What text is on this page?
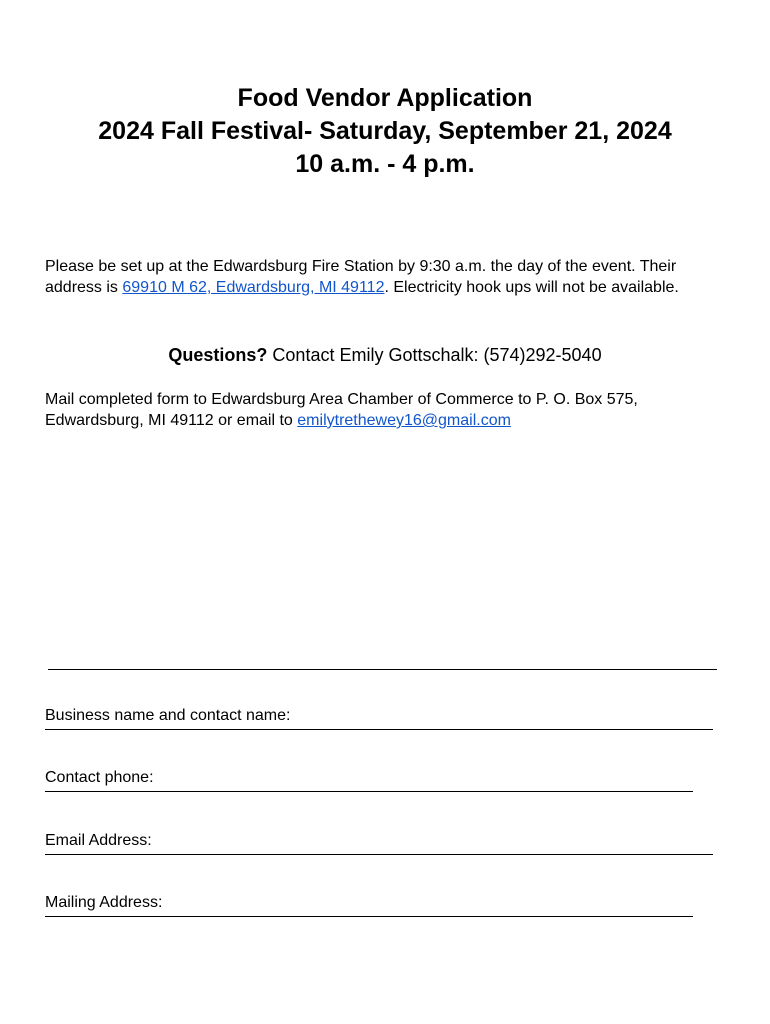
Food Vendor Application
2024 Fall Festival- Saturday, September 21, 2024
10 a.m. - 4 p.m.
Please be set up at the Edwardsburg Fire Station by 9:30 a.m. the day of the event. Their address is 69910 M 62, Edwardsburg, MI 49112. Electricity hook ups will not be available.
Questions? Contact Emily Gottschalk: (574)292-5040
Mail completed form to Edwardsburg Area Chamber of Commerce to P. O. Box 575, Edwardsburg, MI 49112 or email to emilytrethewey16@gmail.com
Business name and contact name:
Contact phone:
Email Address:
Mailing Address:
